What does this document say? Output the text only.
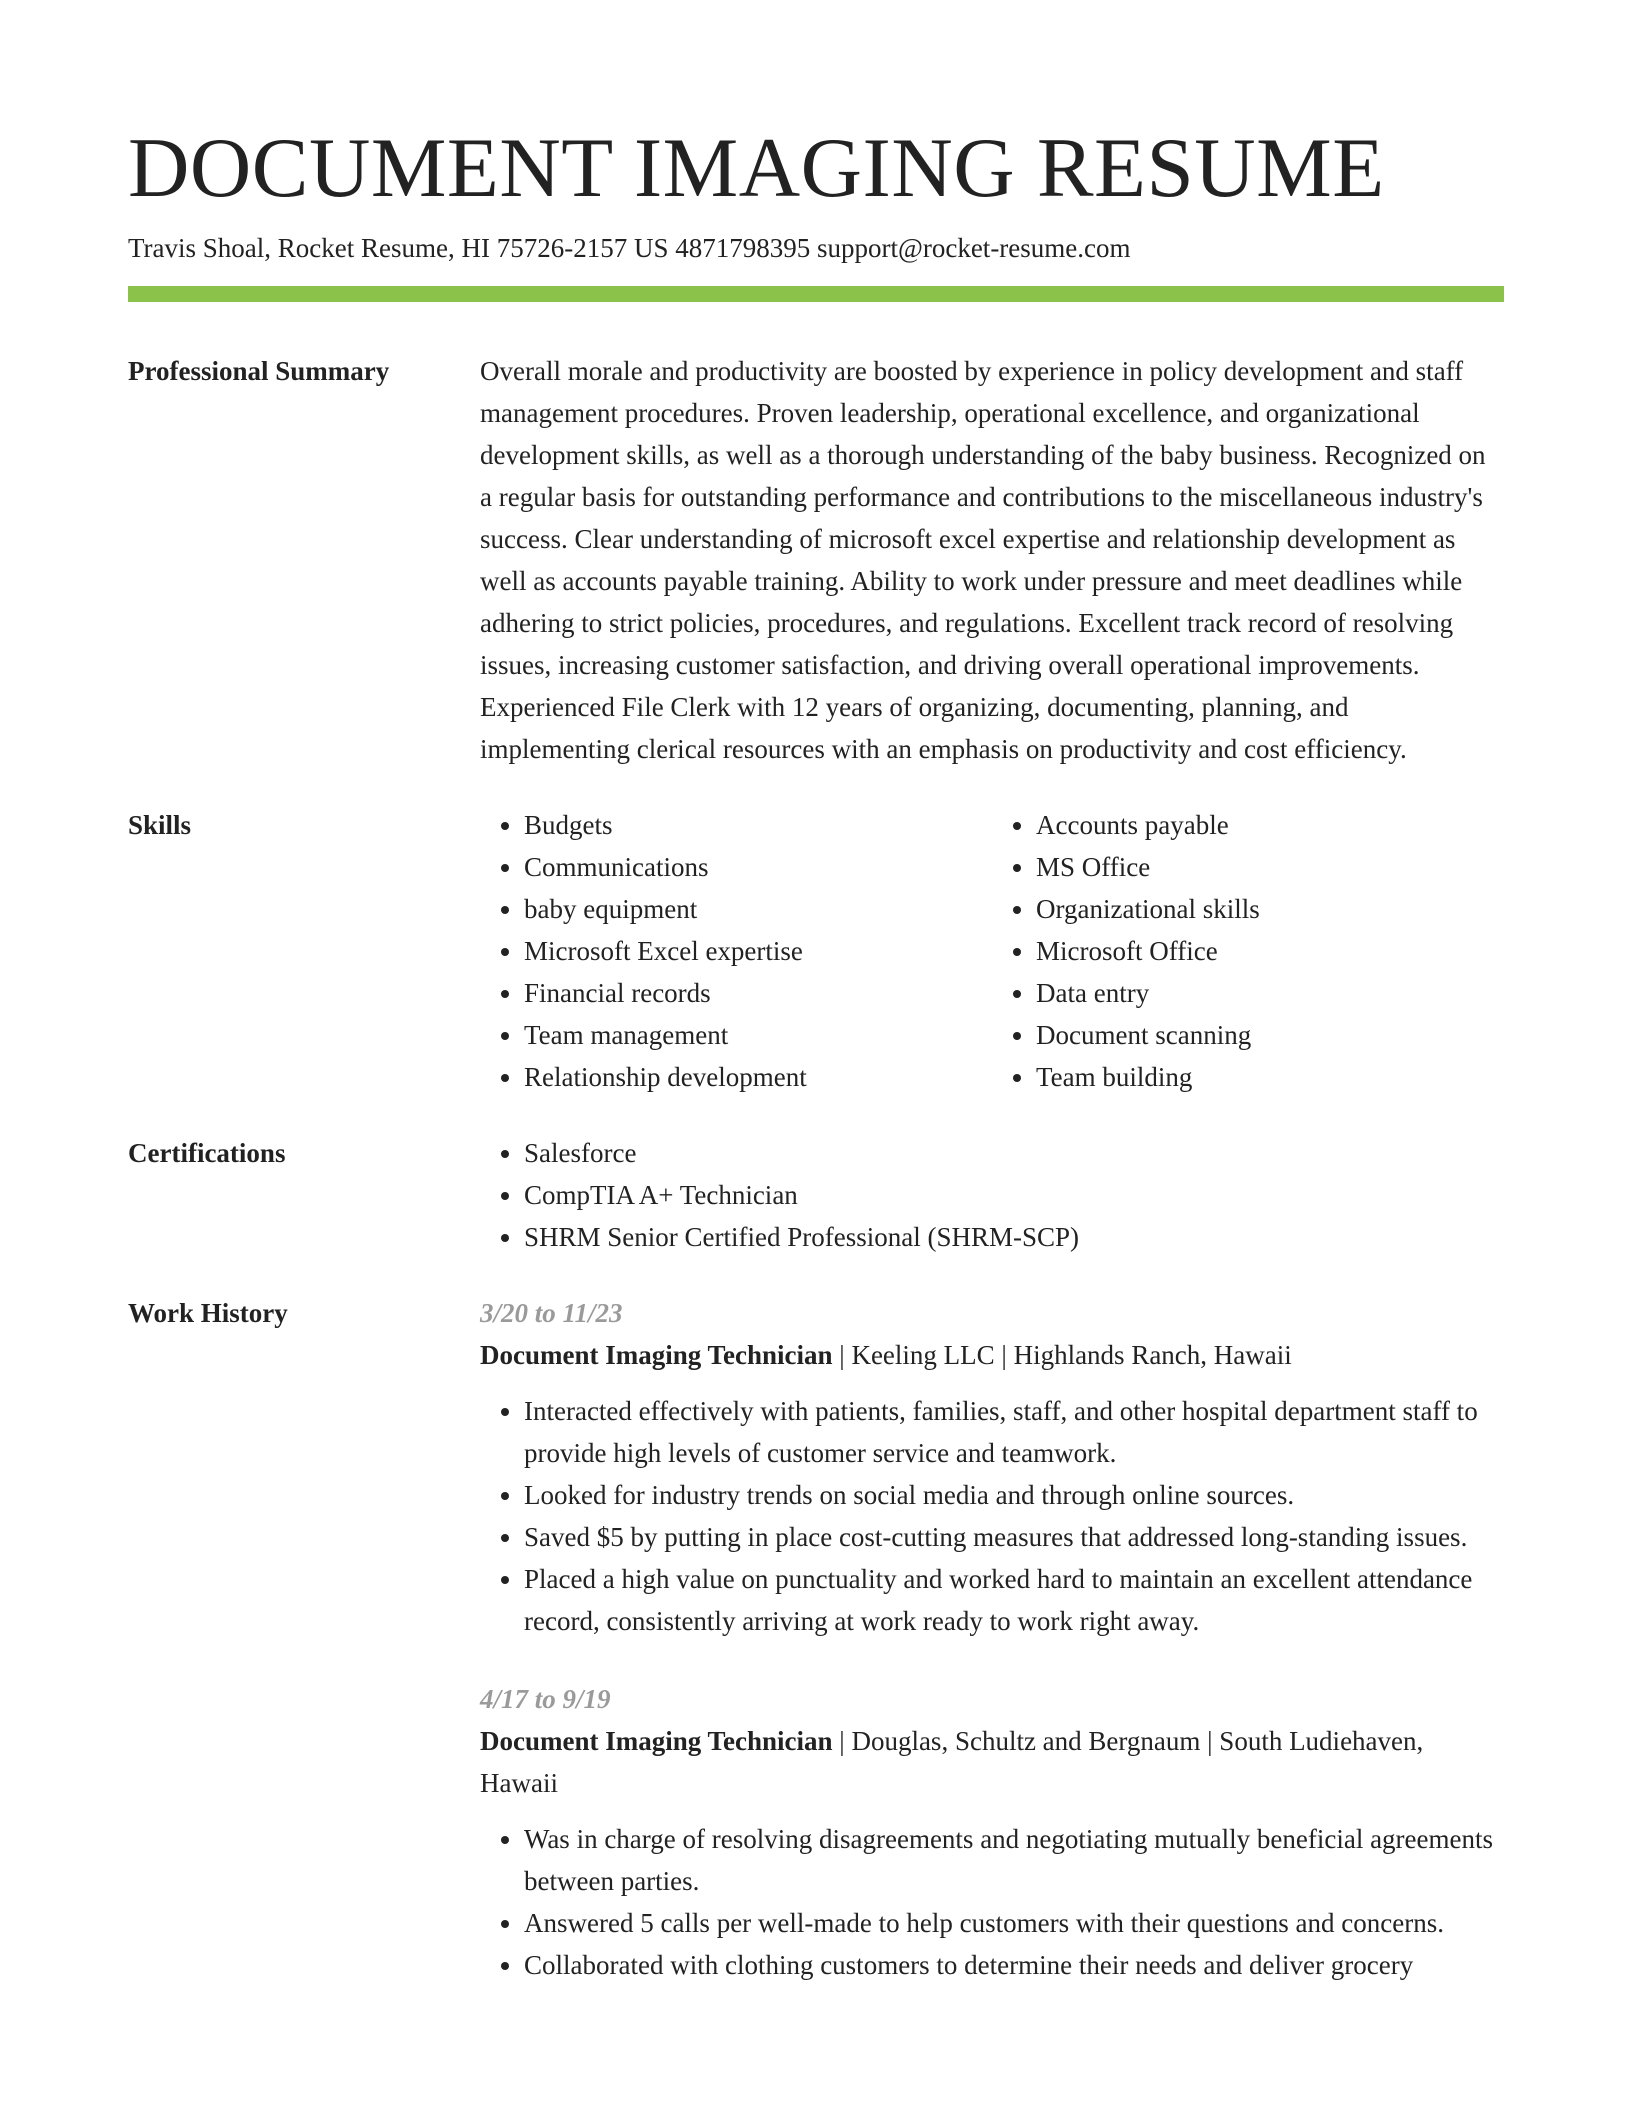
DOCUMENT IMAGING RESUME
Travis Shoal, Rocket Resume, HI 75726-2157 US 4871798395 support@rocket-resume.com
Professional Summary	Overall morale and productivity are boosted by experience in policy development and staff management procedures. Proven leadership, operational excellence, and organizational development skills, as well as a thorough understanding of the baby business. Recognized on a regular basis for outstanding performance and contributions to the miscellaneous industry's success. Clear understanding of microsoft excel expertise and relationship development as well as accounts payable training. Ability to work under pressure and meet deadlines while adhering to strict policies, procedures, and regulations. Excellent track record of resolving issues, increasing customer satisfaction, and driving overall operational improvements. Experienced File Clerk with 12 years of organizing, documenting, planning, and implementing clerical resources with an emphasis on productivity and cost efficiency.

Skills	• Budgets
• Communications
• baby equipment
• Microsoft Excel expertise
• Financial records
• Team management
• Relationship development
• Accounts payable
• MS Office
• Organizational skills
• Microsoft Office
• Data entry
• Document scanning
• Team building
Certifications	• Salesforce
• CompTIA A+ Technician
• SHRM Senior Certified Professional (SHRM-SCP)
Work History	3/20 to 11/23
Document Imaging Technician | Keeling LLC | Highlands Ranch, Hawaii
• Interacted effectively with patients, families, staff, and other hospital department staff to provide high levels of customer service and teamwork.
• Looked for industry trends on social media and through online sources.
• Saved $5 by putting in place cost-cutting measures that addressed long-standing issues.
• Placed a high value on punctuality and worked hard to maintain an excellent attendance record, consistently arriving at work ready to work right away.
4/17 to 9/19
Document Imaging Technician | Douglas, Schultz and Bergnaum | South Ludiehaven, Hawaii
• Was in charge of resolving disagreements and negotiating mutually beneficial agreements between parties.
• Answered 5 calls per well-made to help customers with their questions and concerns.
• Collaborated with clothing customers to determine their needs and deliver grocery
